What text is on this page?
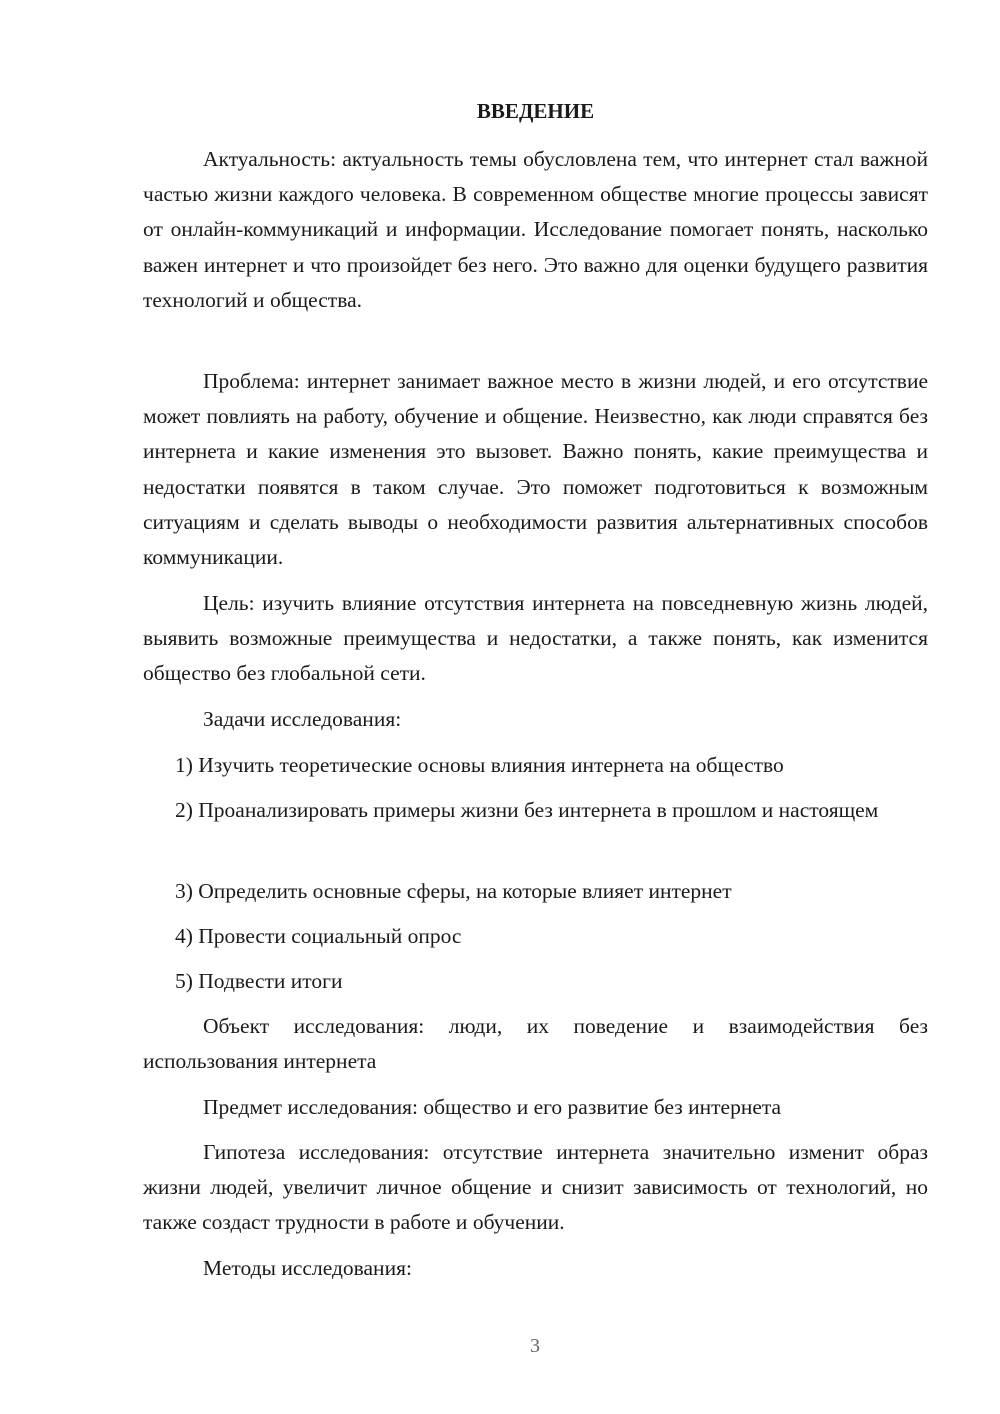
ВВЕДЕНИЕ

Актуальность: актуальность темы обусловлена тем, что интернет стал важной частью жизни каждого человека. В современном обществе многие процессы зависят от онлайн-коммуникаций и информации. Исследование помогает понять, насколько важен интернет и что произойдет без него. Это важно для оценки будущего развития технологий и общества.

Проблема: интернет занимает важное место в жизни людей, и его отсутствие может повлиять на работу, обучение и общение. Неизвестно, как люди справятся без интернета и какие изменения это вызовет. Важно понять, какие преимущества и недостатки появятся в таком случае. Это поможет подготовиться к возможным ситуациям и сделать выводы о необходимости развития альтернативных способов коммуникации.

Цель: изучить влияние отсутствия интернета на повседневную жизнь людей, выявить возможные преимущества и недостатки, а также понять, как изменится общество без глобальной сети.

Задачи исследования:

1) Изучить теоретические основы влияния интернета на общество

2) Проанализировать примеры жизни без интернета в прошлом и настоящем

3) Определить основные сферы, на которые влияет интернет

4) Провести социальный опрос

5) Подвести итоги

Объект исследования: люди, их поведение и взаимодействия без использования интернета

Предмет исследования: общество и его развитие без интернета

Гипотеза исследования: отсутствие интернета значительно изменит образ жизни людей, увеличит личное общение и снизит зависимость от технологий, но также создаст трудности в работе и обучении.

Методы исследования:

3
